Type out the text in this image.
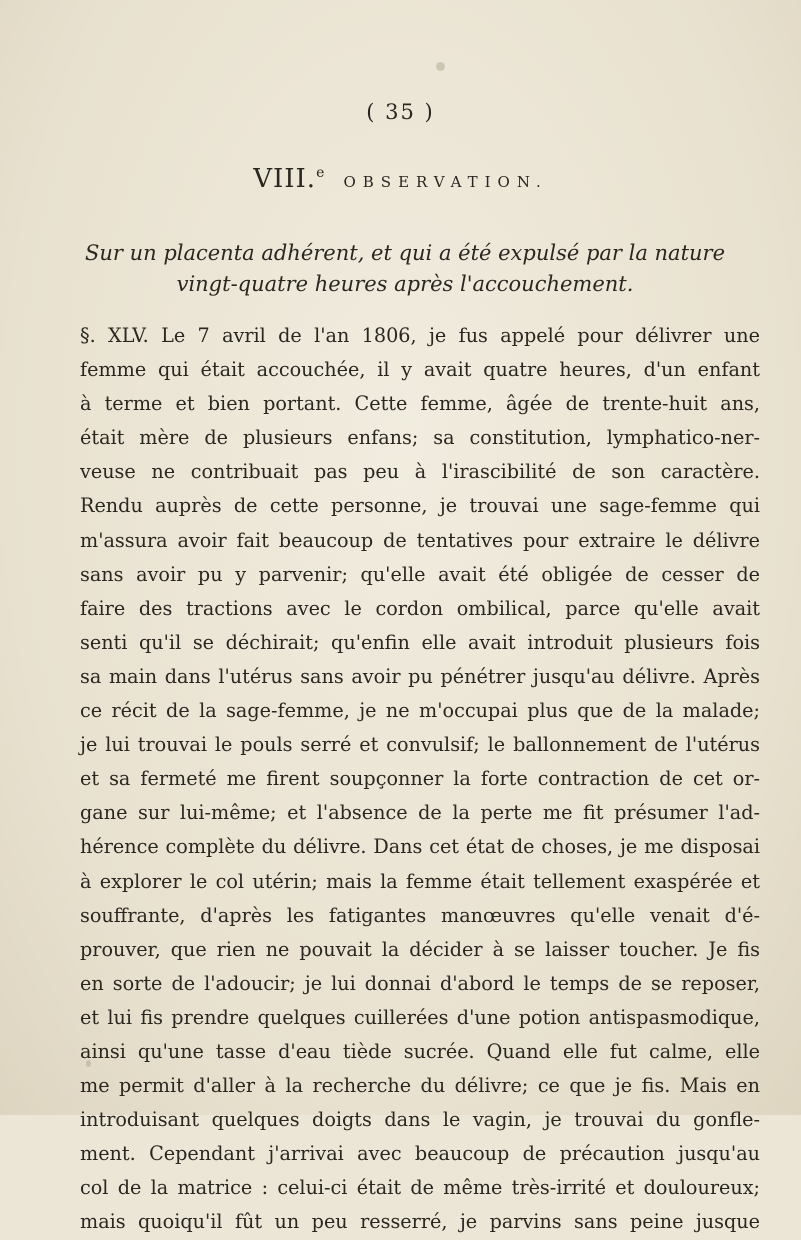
( 35 )
VIII.e OBSERVATION.
Sur un placenta adhérent, et qui a été expulsé par la nature
vingt-quatre heures après l'accouchement.
§. XLV. Le 7 avril de l'an 1806, je fus appelé pour délivrer une
femme qui était accouchée, il y avait quatre heures, d'un enfant
à terme et bien portant. Cette femme, âgée de trente-huit ans,
était mère de plusieurs enfans; sa constitution, lymphatico-ner-
veuse ne contribuait pas peu à l'irascibilité de son caractère.
Rendu auprès de cette personne, je trouvai une sage-femme qui
m'assura avoir fait beaucoup de tentatives pour extraire le délivre
sans avoir pu y parvenir; qu'elle avait été obligée de cesser de
faire des tractions avec le cordon ombilical, parce qu'elle avait
senti qu'il se déchirait; qu'enfin elle avait introduit plusieurs fois
sa main dans l'utérus sans avoir pu pénétrer jusqu'au délivre. Après
ce récit de la sage-femme, je ne m'occupai plus que de la malade;
je lui trouvai le pouls serré et convulsif; le ballonnement de l'utérus
et sa fermeté me firent soupçonner la forte contraction de cet or-
gane sur lui-même; et l'absence de la perte me fit présumer l'ad-
hérence complète du délivre. Dans cet état de choses, je me disposai
à explorer le col utérin; mais la femme était tellement exaspérée et
souffrante, d'après les fatigantes manœuvres qu'elle venait d'é-
prouver, que rien ne pouvait la décider à se laisser toucher. Je fis
en sorte de l'adoucir; je lui donnai d'abord le temps de se reposer,
et lui fis prendre quelques cuillerées d'une potion antispasmodique,
ainsi qu'une tasse d'eau tiède sucrée. Quand elle fut calme, elle
me permit d'aller à la recherche du délivre; ce que je fis. Mais en
introduisant quelques doigts dans le vagin, je trouvai du gonfle-
ment. Cependant j'arrivai avec beaucoup de précaution jusqu'au
col de la matrice : celui-ci était de même très-irrité et douloureux;
mais quoiqu'il fût un peu resserré, je parvins sans peine jusque
